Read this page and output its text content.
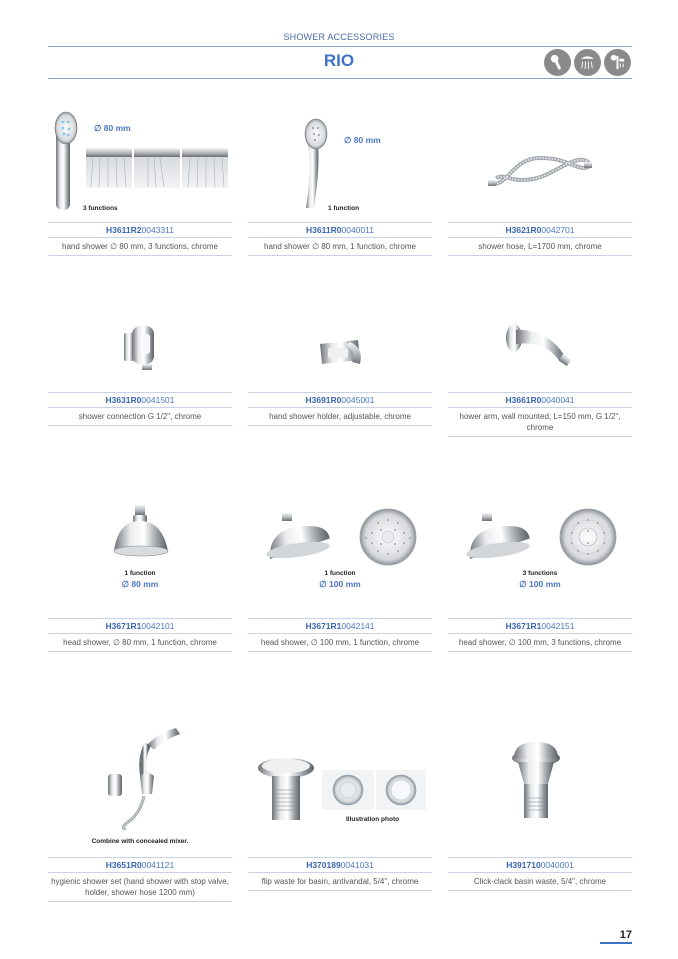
SHOWER ACCESSORIES
RIO
∅ 80 mm
3 functions
H3611R20043311
hand shower ∅ 80 mm, 3 functions, chrome
∅ 80 mm
1 function
H3611R00040011
hand shower ∅ 80 mm, 1 function, chrome
H3621R00042701
shower hose, L=1700 mm, chrome
H3631R00041501
shower connection G 1/2", chrome
H3691R00045001
hand shower holder, adjustable, chrome
H3661R00040041
hower arm, wall mounted, L=150 mm, G 1/2", chrome
1 function
∅ 80 mm
H3671R10042101
head shower, ∅ 80 mm, 1 function, chrome
1 function
∅ 100 mm
H3671R10042141
head shower, ∅ 100 mm, 1 function, chrome
3 functions
∅ 100 mm
H3671R10042151
head shower, ∅ 100 mm, 3 functions, chrome
Combine with concealed mixer.
H3651R00041121
hygienic shower set (hand shower with stop valve, holder, shower hose 1200 mm)
Illustration photo
H3701890041031
flip waste for basin, antivandal, 5/4", chrome
H3917100040001
Click-clack basin waste, 5/4", chrome
17
